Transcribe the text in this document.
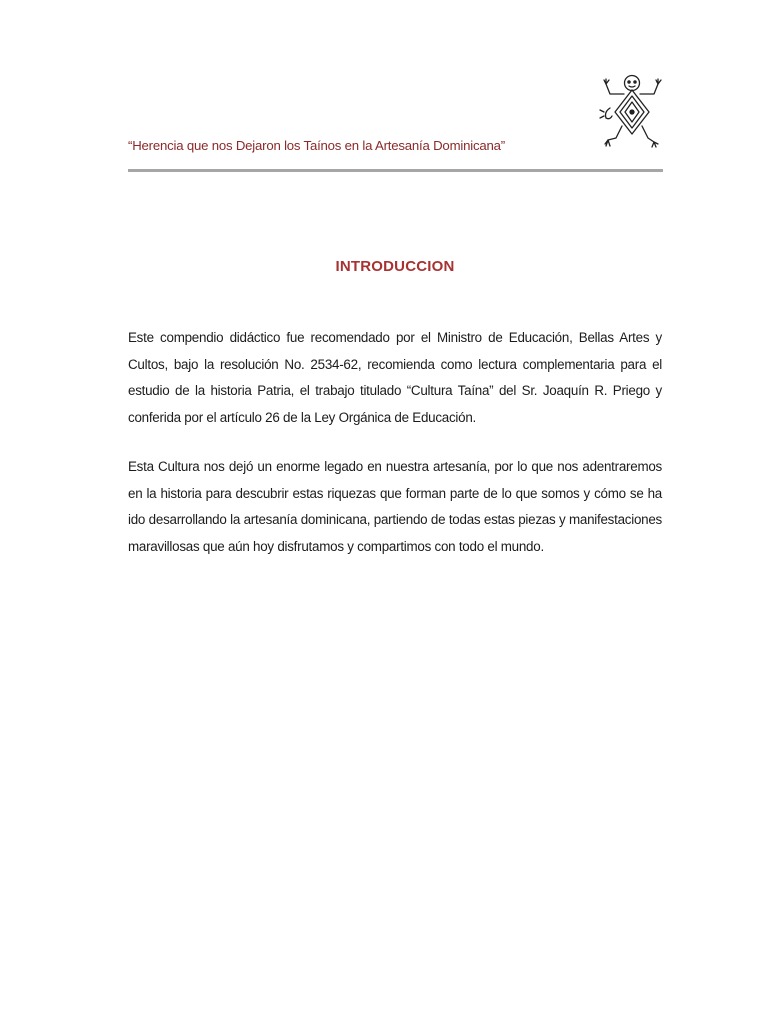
“Herencia que nos Dejaron los Taínos en la Artesanía Dominicana”
INTRODUCCION

Este compendio didáctico fue recomendado por el Ministro de Educación, Bellas Artes y Cultos, bajo la resolución No. 2534-62, recomienda como lectura complementaria para el estudio de la historia Patria, el trabajo titulado “Cultura Taína” del Sr. Joaquín R. Priego y conferida por el artículo 26 de la Ley Orgánica de Educación.

Esta Cultura nos dejó un enorme legado en nuestra artesanía, por lo que nos adentraremos en la historia para descubrir estas riquezas que forman parte de lo que somos y cómo se ha ido desarrollando la artesanía dominicana, partiendo de todas estas piezas y manifestaciones maravillosas que aún hoy disfrutamos y compartimos con todo el mundo.
